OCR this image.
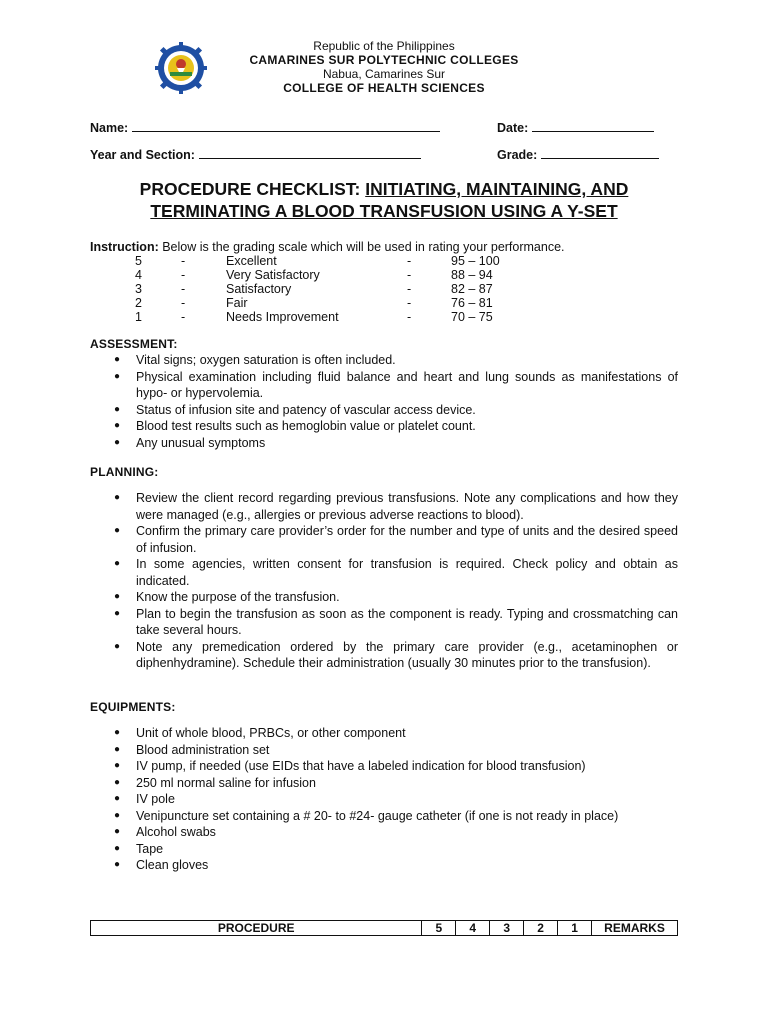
Republic of the Philippines
CAMARINES SUR POLYTECHNIC COLLEGES
Nabua, Camarines Sur
COLLEGE OF HEALTH SCIENCES
Name:	Date:
Year and Section:	Grade:
PROCEDURE CHECKLIST: INITIATING, MAINTAINING, AND
TERMINATING A BLOOD TRANSFUSION USING A Y-SET
Instruction: Below is the grading scale which will be used in rating your performance.
5	-	Excellent	-	95 – 100
4	-	Very Satisfactory	-	88 – 94
3	-	Satisfactory	-	82 – 87
2	-	Fair	-	76 – 81
1	-	Needs Improvement	-	70 – 75
ASSESSMENT:
● Vital signs; oxygen saturation is often included.
● Physical examination including fluid balance and heart and lung sounds as manifestations of hypo- or hypervolemia.
● Status of infusion site and patency of vascular access device.
● Blood test results such as hemoglobin value or platelet count.
● Any unusual symptoms
PLANNING:
● Review the client record regarding previous transfusions. Note any complications and how they were managed (e.g., allergies or previous adverse reactions to blood).
● Confirm the primary care provider’s order for the number and type of units and the desired speed of infusion.
● In some agencies, written consent for transfusion is required. Check policy and obtain as indicated.
● Know the purpose of the transfusion.
● Plan to begin the transfusion as soon as the component is ready. Typing and crossmatching can take several hours.
● Note any premedication ordered by the primary care provider (e.g., acetaminophen or diphenhydramine). Schedule their administration (usually 30 minutes prior to the transfusion).
EQUIPMENTS:
● Unit of whole blood, PRBCs, or other component
● Blood administration set
● IV pump, if needed (use EIDs that have a labeled indication for blood transfusion)
● 250 ml normal saline for infusion
● IV pole
● Venipuncture set containing a # 20- to #24- gauge catheter (if one is not ready in place)
● Alcohol swabs
● Tape
● Clean gloves
PROCEDURE	5	4	3	2	1	REMARKS
